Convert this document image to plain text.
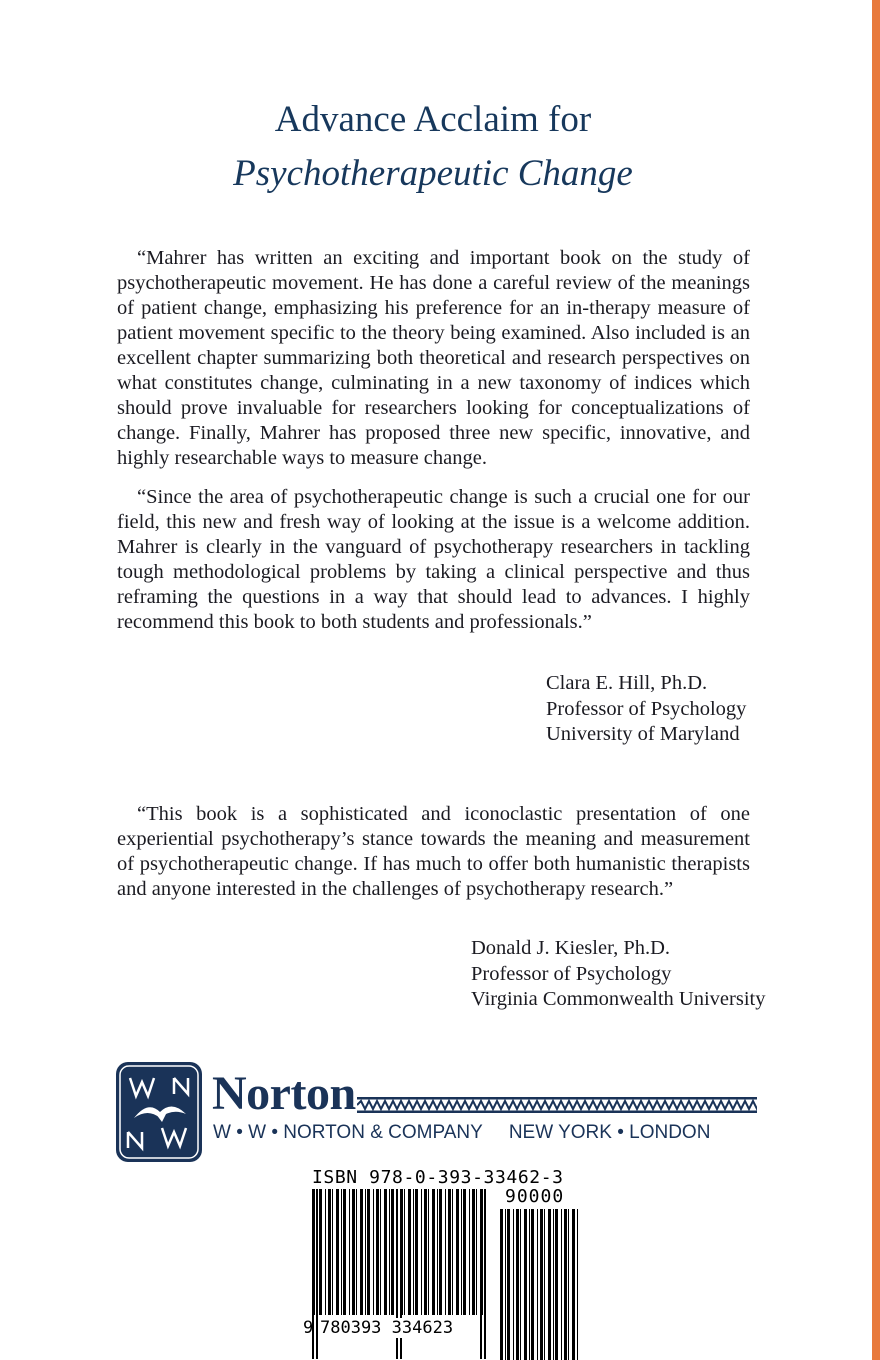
Advance Acclaim for
Psychotherapeutic Change

“Mahrer has written an exciting and important book on the study of psychotherapeutic movement. He has done a careful review of the meanings of patient change, emphasizing his preference for an in-therapy measure of patient movement specific to the theory being examined. Also included is an excellent chapter summarizing both theoretical and research perspectives on what constitutes change, culminating in a new taxonomy of indices which should prove invaluable for researchers looking for conceptualizations of change. Finally, Mahrer has proposed three new specific, innovative, and highly researchable ways to measure change.

“Since the area of psychotherapeutic change is such a crucial one for our field, this new and fresh way of looking at the issue is a welcome addition. Mahrer is clearly in the vanguard of psychotherapy researchers in tackling tough methodological problems by taking a clinical perspective and thus reframing the questions in a way that should lead to advances. I highly recommend this book to both students and professionals.”

Clara E. Hill, Ph.D.
Professor of Psychology
University of Maryland

“This book is a sophisticated and iconoclastic presentation of one experiential psychotherapy’s stance towards the meaning and measurement of psychotherapeutic change. If has much to offer both humanistic therapists and anyone interested in the challenges of psychotherapy research.”

Donald J. Kiesler, Ph.D.
Professor of Psychology
Virginia Commonwealth University
Norton
W • W • NORTON & COMPANY NEW YORK • LONDON
ISBN 978-0-393-33462-3
90000
9 780393 334623
